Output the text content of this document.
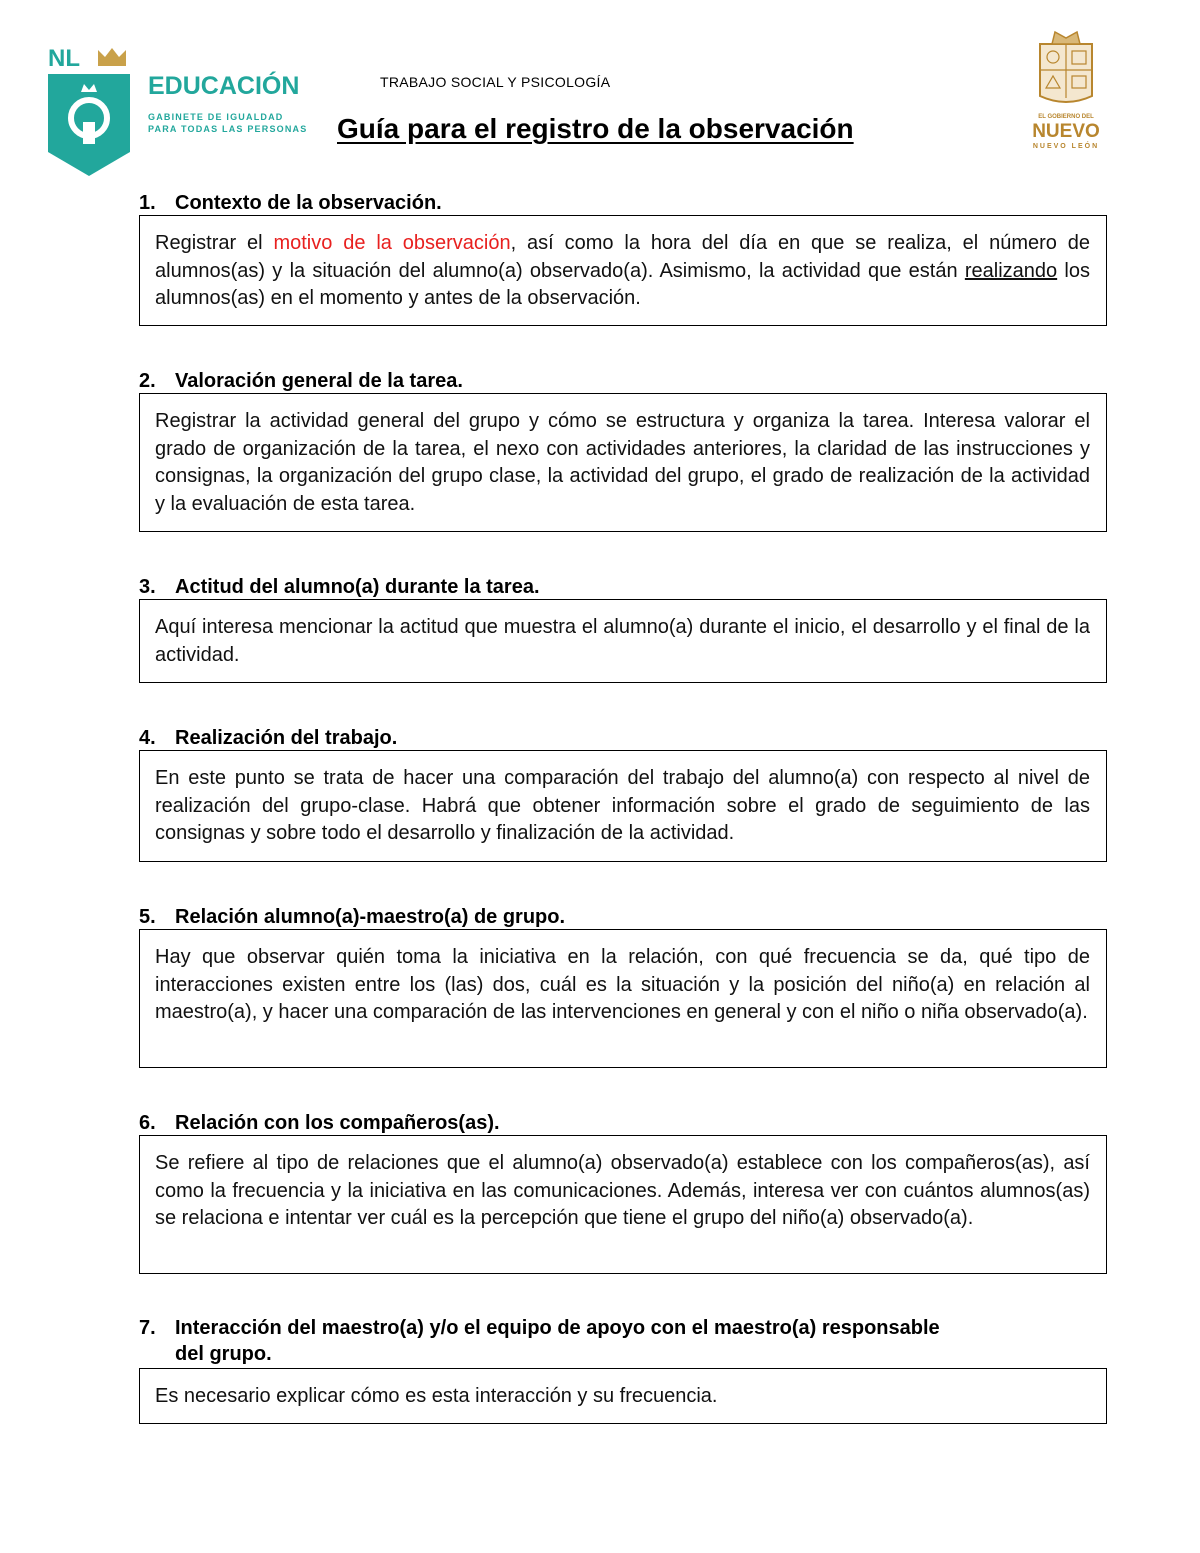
NL
EDUCACIÓN
GABINETE DE IGUALDAD
PARA TODAS LAS PERSONAS
EL GOBIERNO DEL
NUEVO
NUEVO LEÓN
TRABAJO SOCIAL Y PSICOLOGÍA
Guía para el registro de la observación
1. Contexto de la observación.
Registrar el motivo de la observación, así como la hora del día en que se realiza, el número de alumnos(as) y la situación del alumno(a) observado(a). Asimismo, la actividad que están realizando los alumnos(as) en el momento y antes de la observación.
2. Valoración general de la tarea.
Registrar la actividad general del grupo y cómo se estructura y organiza la tarea. Interesa valorar el grado de organización de la tarea, el nexo con actividades anteriores, la claridad de las instrucciones y consignas, la organización del grupo clase, la actividad del grupo, el grado de realización de la actividad y la evaluación de esta tarea.
3. Actitud del alumno(a) durante la tarea.
Aquí interesa mencionar la actitud que muestra el alumno(a) durante el inicio, el desarrollo y el final de la actividad.
4. Realización del trabajo.
En este punto se trata de hacer una comparación del trabajo del alumno(a) con respecto al nivel de realización del grupo-clase. Habrá que obtener información sobre el grado de seguimiento de las consignas y sobre todo el desarrollo y finalización de la actividad.
5. Relación alumno(a)-maestro(a) de grupo.
Hay que observar quién toma la iniciativa en la relación, con qué frecuencia se da, qué tipo de interacciones existen entre los (las) dos, cuál es la situación y la posición del niño(a) en relación al maestro(a), y hacer una comparación de las intervenciones en general y con el niño o niña observado(a).
6. Relación con los compañeros(as).
Se refiere al tipo de relaciones que el alumno(a) observado(a) establece con los compañeros(as), así como la frecuencia y la iniciativa en las comunicaciones. Además, interesa ver con cuántos alumnos(as) se relaciona e intentar ver cuál es la percepción que tiene el grupo del niño(a) observado(a).
7. Interacción del maestro(a) y/o el equipo de apoyo con el maestro(a) responsable
del grupo.
Es necesario explicar cómo es esta interacción y su frecuencia.
